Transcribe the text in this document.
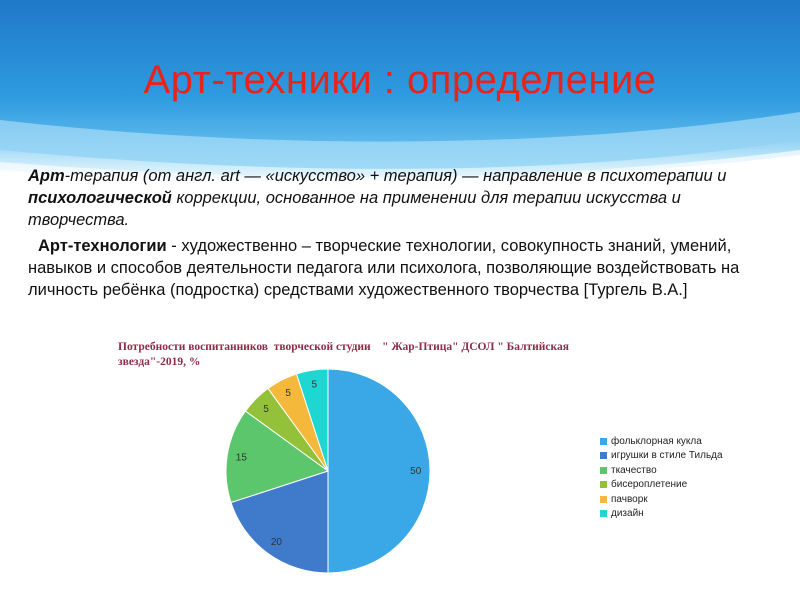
Арт-техники : определение

Арт-терапия (от англ. art — «искусство» + терапия) — направление в психотерапии и психологической коррекции, основанное на применении для терапии искусства и творчества.

Арт-технологии - художественно – творческие технологии, совокупность знаний, умений, навыков и способов деятельности педагога или психолога, позволяющие воздействовать на личность ребёнка (подростка) средствами художественного творчества [Тургель В.А.]

Потребности воспитанников  творческой студии    " Жар-Птица" ДСОЛ " Балтийская
звезда"-2019, %
50
20
15
5
5
5
фольклорная кукла
игрушки в стиле Тильда
ткачество
бисероплетение
пачворк
дизайн
